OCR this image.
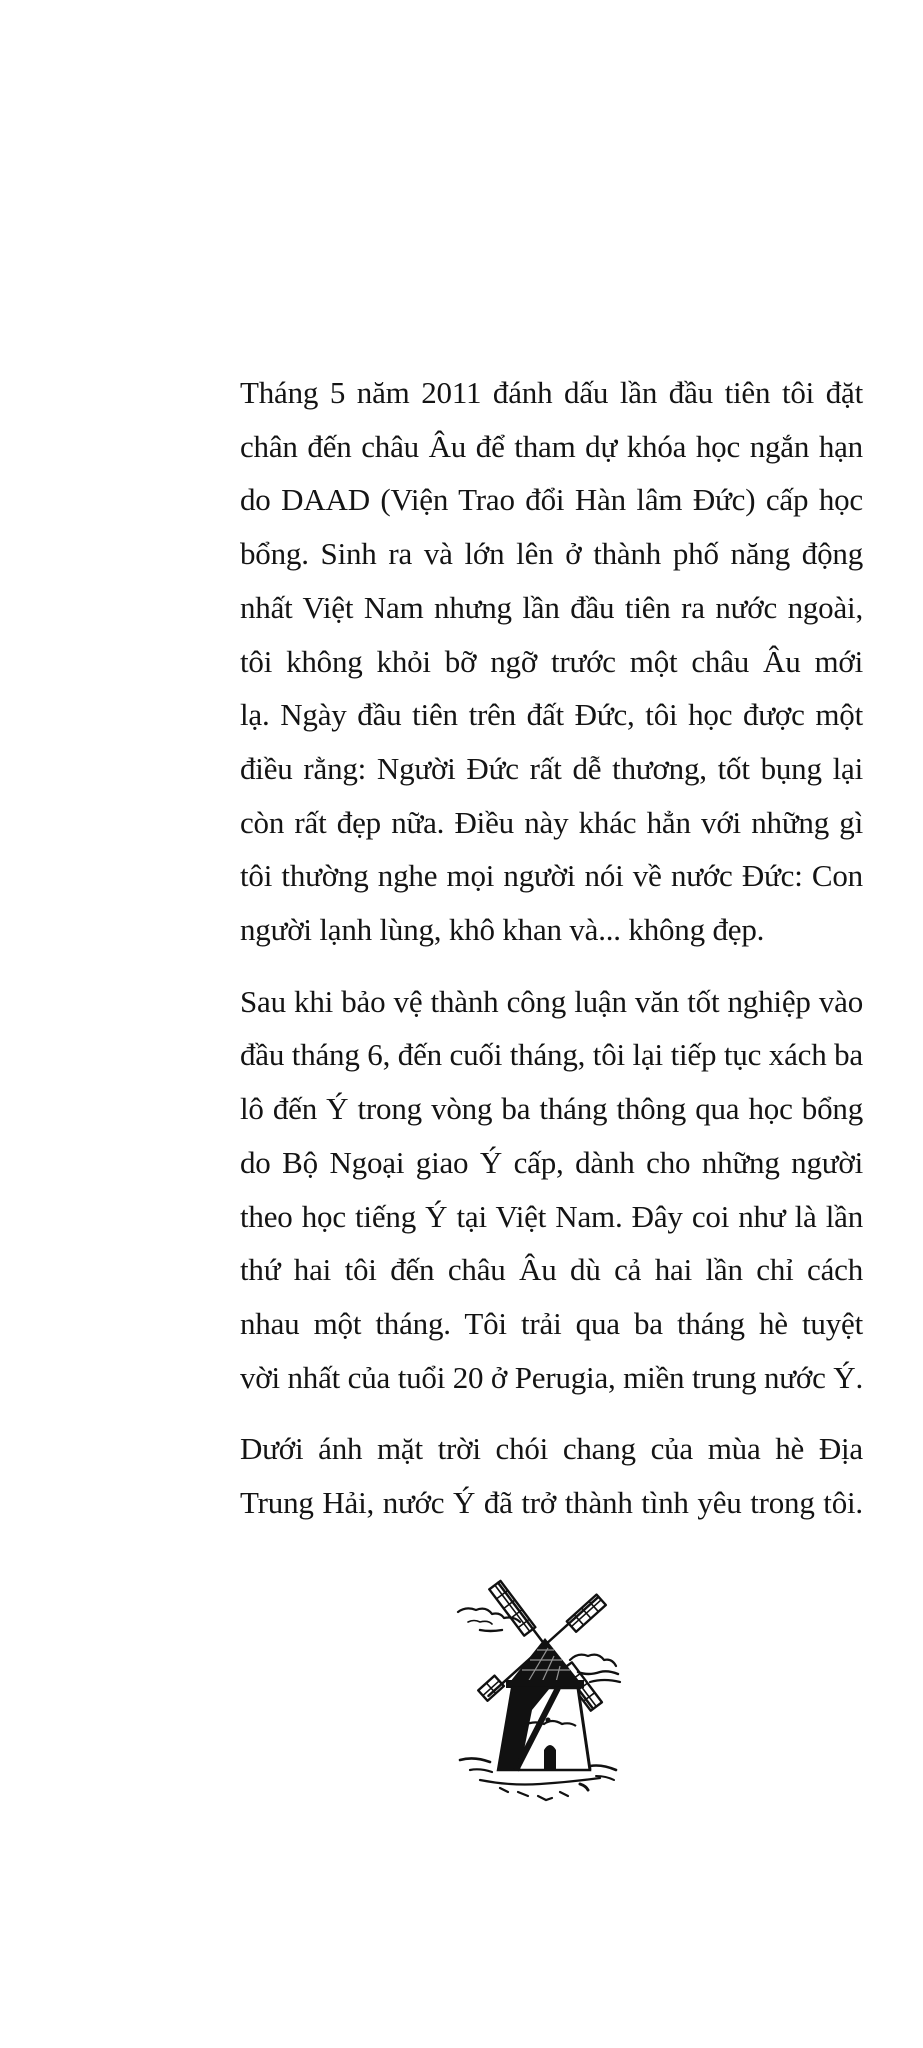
Tháng 5 năm 2011 đánh dấu lần đầu tiên tôi đặt
chân đến châu Âu để tham dự khóa học ngắn hạn
do DAAD (Viện Trao đổi Hàn lâm Đức) cấp học
bổng. Sinh ra và lớn lên ở thành phố năng động
nhất Việt Nam nhưng lần đầu tiên ra nước ngoài,
tôi không khỏi bỡ ngỡ trước một châu Âu mới
lạ. Ngày đầu tiên trên đất Đức, tôi học được một
điều rằng: Người Đức rất dễ thương, tốt bụng lại
còn rất đẹp nữa. Điều này khác hẳn với những gì
tôi thường nghe mọi người nói về nước Đức: Con
người lạnh lùng, khô khan và... không đẹp.

Sau khi bảo vệ thành công luận văn tốt nghiệp vào
đầu tháng 6, đến cuối tháng, tôi lại tiếp tục xách ba
lô đến Ý trong vòng ba tháng thông qua học bổng
do Bộ Ngoại giao Ý cấp, dành cho những người
theo học tiếng Ý tại Việt Nam. Đây coi như là lần
thứ hai tôi đến châu Âu dù cả hai lần chỉ cách
nhau một tháng. Tôi trải qua ba tháng hè tuyệt
vời nhất của tuổi 20 ở Perugia, miền trung nước Ý.

Dưới ánh mặt trời chói chang của mùa hè Địa
Trung Hải, nước Ý đã trở thành tình yêu trong tôi.
